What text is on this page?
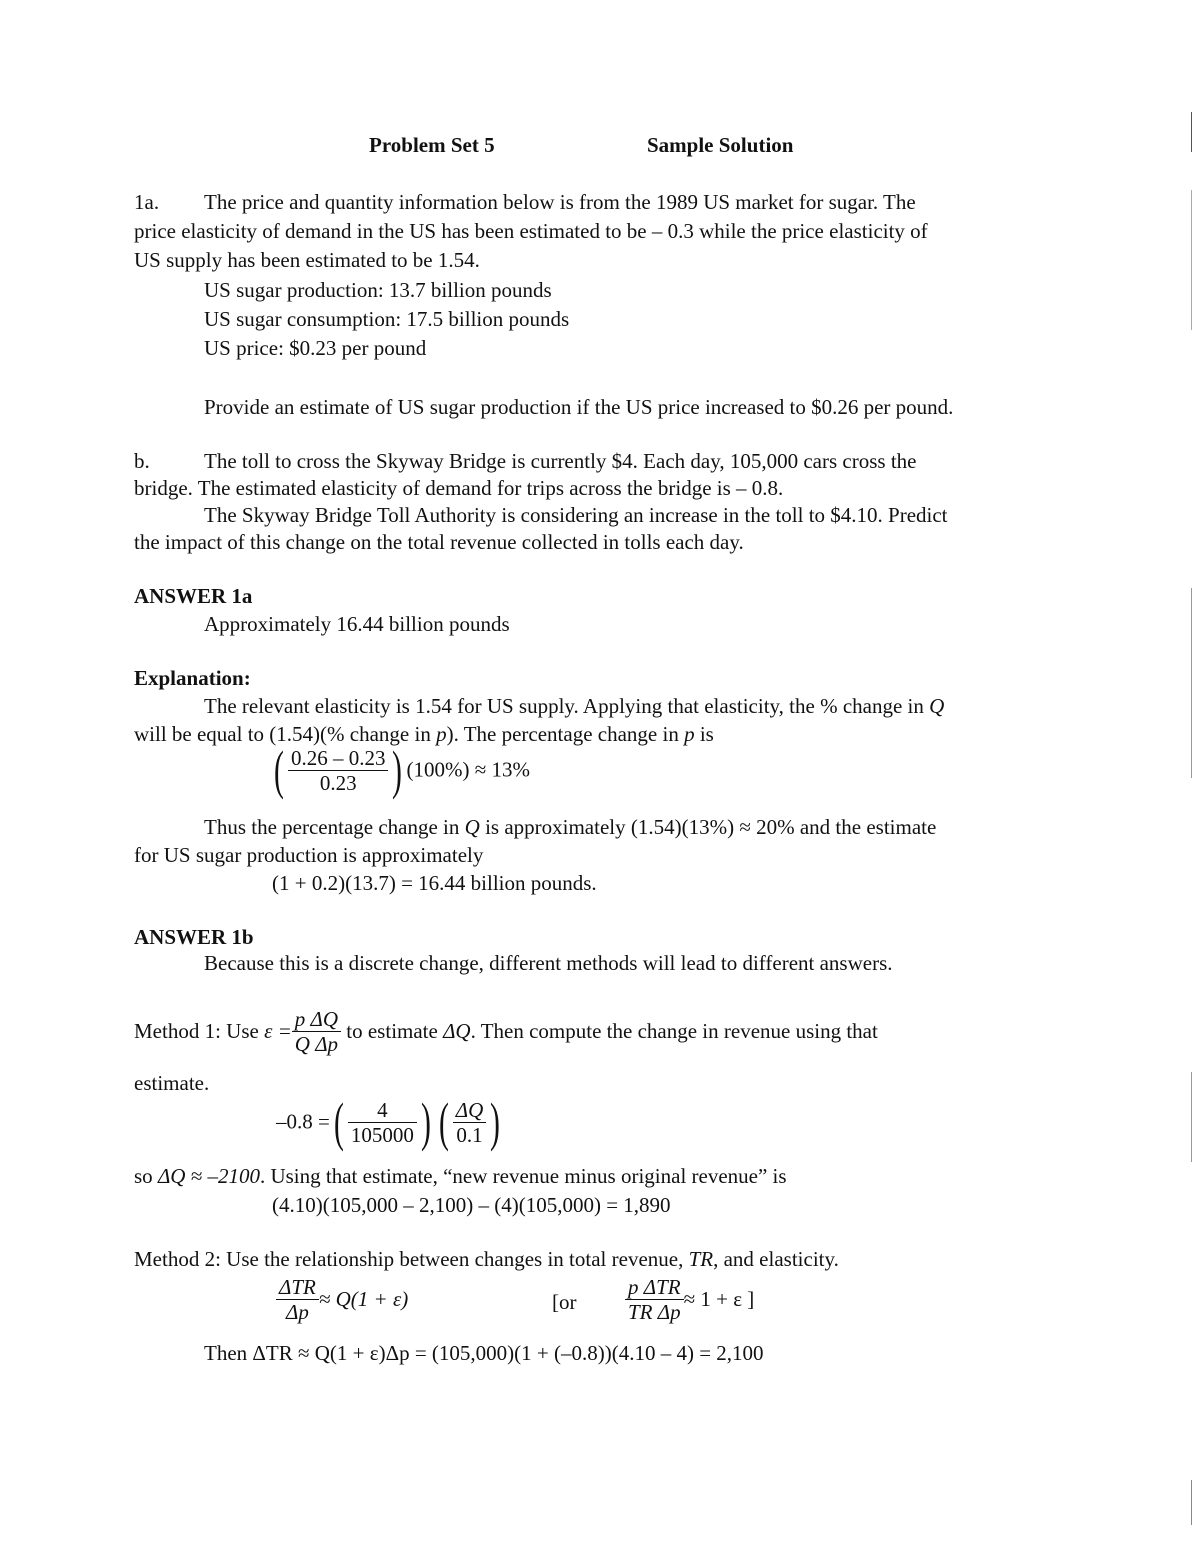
Problem Set 5	Sample Solution
1a. The price and quantity information below is from the 1989 US market for sugar. The
price elasticity of demand in the US has been estimated to be – 0.3 while the price elasticity of
US supply has been estimated to be 1.54.
US sugar production: 13.7 billion pounds
US sugar consumption: 17.5 billion pounds
US price: $0.23 per pound
Provide an estimate of US sugar production if the US price increased to $0.26 per pound.
b.	The toll to cross the Skyway Bridge is currently $4. Each day, 105,000 cars cross the
bridge. The estimated elasticity of demand for trips across the bridge is – 0.8.
The Skyway Bridge Toll Authority is considering an increase in the toll to $4.10. Predict
the impact of this change on the total revenue collected in tolls each day.
ANSWER 1a
Approximately 16.44 billion pounds
Explanation:
The relevant elasticity is 1.54 for US supply. Applying that elasticity, the % change in Q
will be equal to (1.54)(% change in p). The percentage change in p is
( $\frac{0.26 - 0.23}{0.23}$ ) (100%) ≈ 13%
Thus the percentage change in Q is approximately (1.54)(13%) ≈ 20% and the estimate
for US sugar production is approximately
(1 + 0.2)(13.7) = 16.44 billion pounds.
ANSWER 1b
Because this is a discrete change, different methods will lead to different answers.
Method 1: Use $\varepsilon = \frac{\text{p ΔQ}}{\text{Q Δp}}$ to estimate ΔQ. Then compute the change in revenue using that
estimate.
–0.8 =( $\frac{4}{105000}$ ) ( $\frac{\Delta Q}{0.1}$ )
so ΔQ ≈ –2100. Using that estimate, “new revenue minus original revenue” is
(4.10)(105,000 – 2,100) – (4)(105,000) = 1,890
Method 2: Use the relationship between changes in total revenue, TR, and elasticity.
$\frac{\text{ΔTR}}{\Delta p} \approx Q(1 + \varepsilon)$	[$or \frac{\text{p ΔTR}}{\text{TR Δp}} \approx 1 + \varepsilon$ ]
Then ΔTR ≈ Q(1 + ε)Δp = (105,000)(1 + (–0.8))(4.10 – 4) = 2,100
